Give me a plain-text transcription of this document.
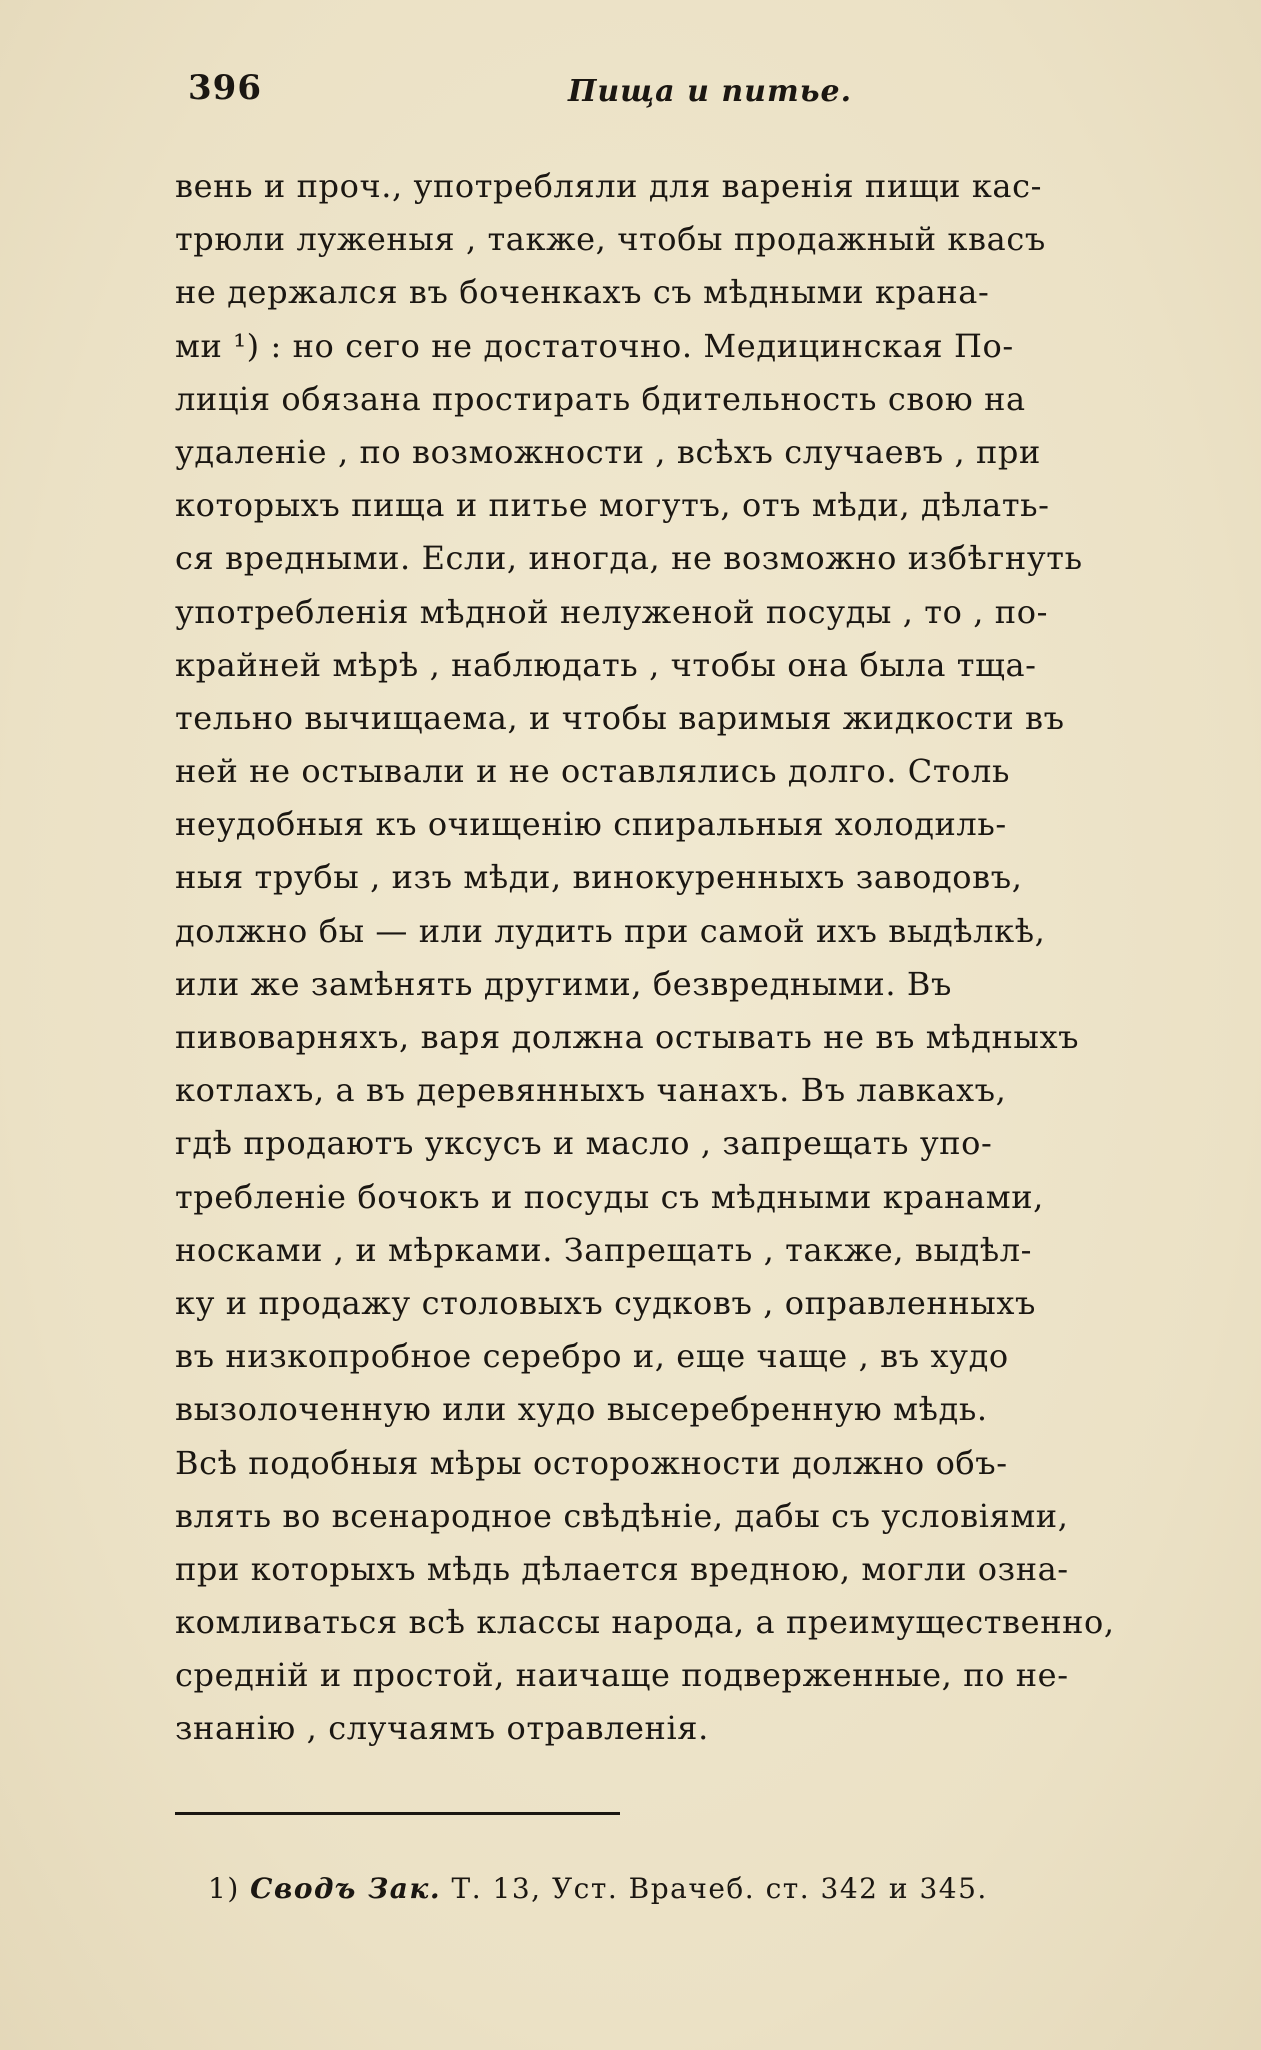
396	Пища и питье.
вень и проч., употребляли для варенія пищи кас-
трюли луженыя , также, чтобы продажный квасъ
не держался въ боченкахъ съ мѣдными крана-
ми ¹) : но сего не достаточно. Медицинская По-
лиція обязана простирать бдительность свою на
удаленіе , по возможности , всѣхъ случаевъ , при
которыхъ пища и питье могутъ, отъ мѣди, дѣлать-
ся вредными. Если, иногда, не возможно избѣгнуть
употребленія мѣдной нелуженой посуды , то , по-
крайней мѣрѣ , наблюдать , чтобы она была тща-
тельно вычищаема, и чтобы варимыя жидкости въ
ней не остывали и не оставлялись долго. Столь
неудобныя къ очищенію спиральныя холодиль-
ныя трубы , изъ мѣди, винокуренныхъ заводовъ,
должно бы — или лудить при самой ихъ выдѣлкѣ,
или же замѣнять другими, безвредными. Въ
пивоварняхъ, варя должна остывать не въ мѣдныхъ
котлахъ, а въ деревянныхъ чанахъ. Въ лавкахъ,
гдѣ продаютъ уксусъ и масло , запрещать упо-
требленіе бочокъ и посуды съ мѣдными кранами,
носками , и мѣрками. Запрещать , также, выдѣл-
ку и продажу столовыхъ судковъ , оправленныхъ
въ низкопробное серебро и, еще чаще , въ худо
вызолоченную или худо высеребренную мѣдь.
Всѣ подобныя мѣры осторожности должно объ-
влять во всенародное свѣдѣніе, дабы съ условіями,
при которыхъ мѣдь дѣлается вредною, могли озна-
комливаться всѣ классы народа, а преимущественно,
средній и простой, наичаще подверженные, по не-
знанію , случаямъ отравленія.
1) Сводъ Зак. Т. 13, Уст. Врачеб. ст. 342 и 345.
